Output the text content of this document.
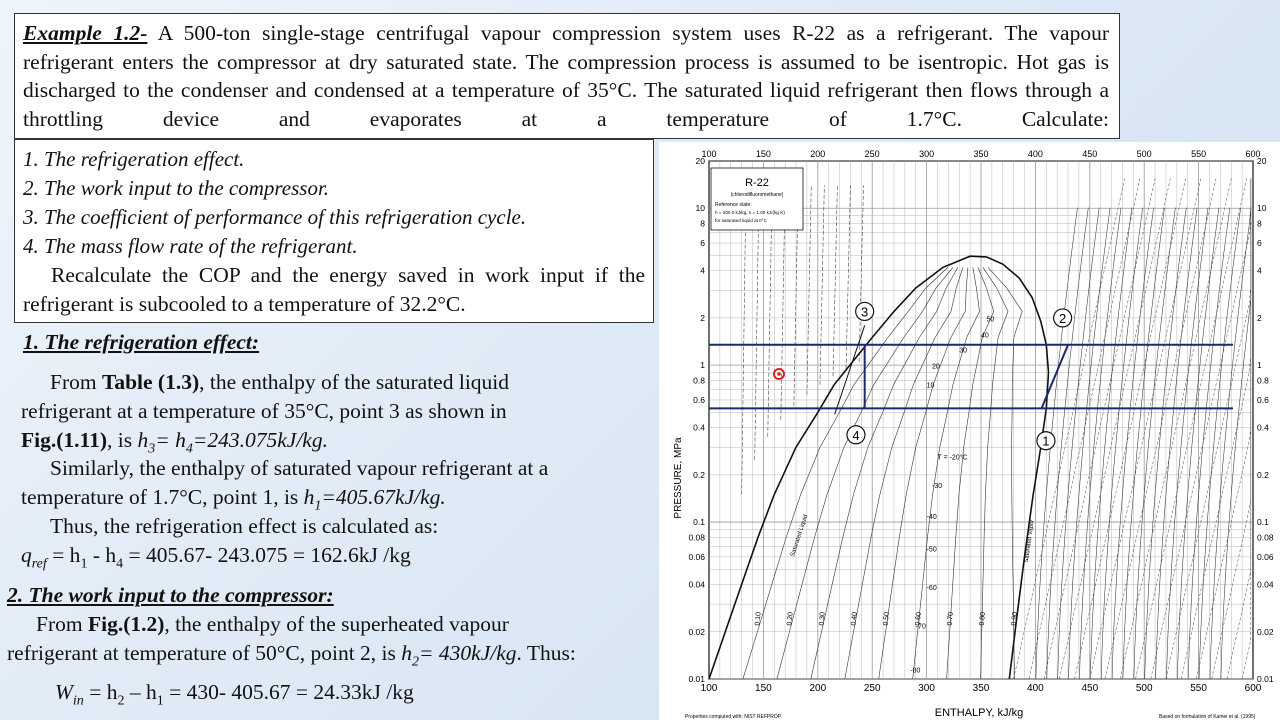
Example 1.2- A 500-ton single-stage centrifugal vapour compression system uses R-22 as a refrigerant. The vapour refrigerant enters the compressor at dry saturated state. The compression process is assumed to be isentropic. Hot gas is discharged to the condenser and condensed at a temperature of 35°C. The saturated liquid refrigerant then flows through a throttling device and evaporates at a temperature of 1.7°C. Calculate:

1. The refrigeration effect.
2. The work input to the compressor.
3. The coefficient of performance of this refrigeration cycle.
4. The mass flow rate of the refrigerant.

Recalculate the COP and the energy saved in work input if the refrigerant is subcooled to a temperature of 32.2°C.

1. The refrigeration effect:
From Table (1.3), the enthalpy of the saturated liquid
refrigerant at a temperature of 35°C, point 3 as shown in
Fig.(1.11), is $h_3= h_4=243.075kJ/kg$.
Similarly, the enthalpy of saturated vapour refrigerant at a
temperature of 1.7°C, point 1, is $h_1=405.67kJ/kg$.
Thus, the refrigeration effect is calculated as:
$q_{ref} = h_1 - h_4 = 405.67-$ 243.075 = 162.6kJ /kg
2. The work input to the compressor:
From Fig.(1.2), the enthalpy of the superheated vapour
refrigerant at temperature of 50°C, point 2, is $h_2= 430kJ/kg$. Thus:
$W_{in} = h_2 - h_1 = 430-$ 405.67 = 24.33kJ /kg
1
2
3
4
100
100
150
150
200
200
250
250
300
300
350
350
400
400
450
450
500
500
550
550
600
600
20	20
10	10
8	8
6	6
4	4
2	2
1	1
0.8	0.8
0.6	0.6
0.4	0.4
0.2	0.2
0.1	0.1
0.08	0.08
0.06	0.06
0.04	0.04
0.02	0.02
0.01	0.01
0.10	0.20	0.30	0.40	0.50	0.60	0.70	0.80	0.90
T = -20°C
-30
-40
-50
-60
-70
-80
10
20
30
40
50
Saturated Liquid	Saturated Vapor
R-22
(chlorodifluoromethane)
Reference state:
h = 200.0 kJ/kg, s = 1.00 kJ/(kg·K)
for saturated liquid at 0°C
PRESSURE, MPa
ENTHALPY, kJ/kg
Properties computed with: NIST REFPROP	Based on formulation of Kamei et al. (1995)
